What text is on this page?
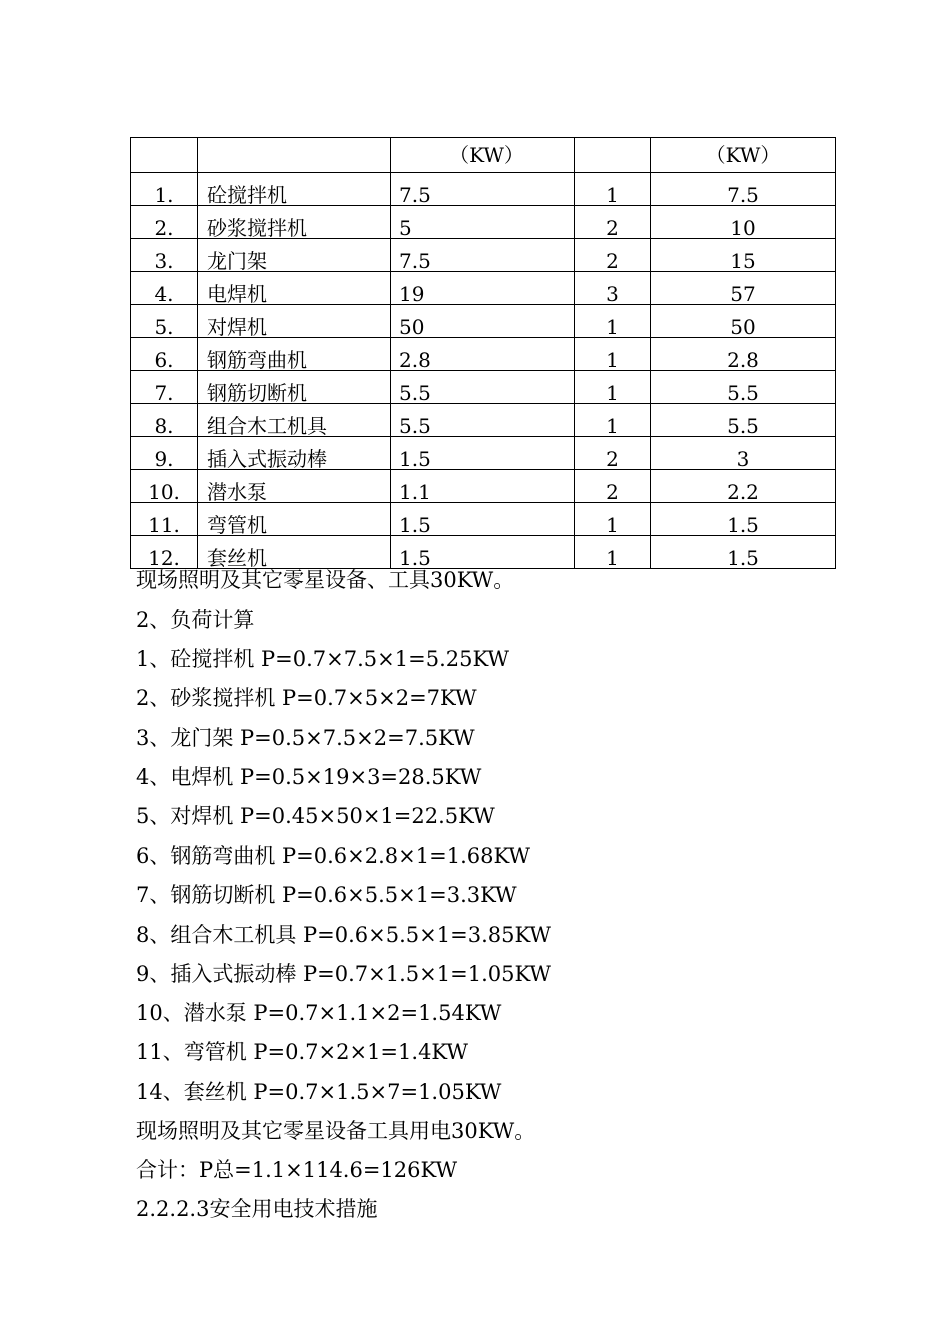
		（KW）		（KW）
1.	砼搅拌机	7.5	1	7.5
2.	砂浆搅拌机	5	2	10
3.	龙门架	7.5	2	15
4.	电焊机	19	3	57
5.	对焊机	50	1	50
6.	钢筋弯曲机	2.8	1	2.8
7.	钢筋切断机	5.5	1	5.5
8.	组合木工机具	5.5	1	5.5
9.	插入式振动棒	1.5	2	3
10.	潜水泵	1.1	2	2.2
11.	弯管机	1.5	1	1.5
12.	套丝机	1.5	1	1.5
现场照明及其它零星设备、工具30KW。
2、负荷计算
1、砼搅拌机 P=0.7×7.5×1=5.25KW
2、砂浆搅拌机 P=0.7×5×2=7KW
3、龙门架 P=0.5×7.5×2=7.5KW
4、电焊机 P=0.5×19×3=28.5KW
5、对焊机 P=0.45×50×1=22.5KW
6、钢筋弯曲机 P=0.6×2.8×1=1.68KW
7、钢筋切断机 P=0.6×5.5×1=3.3KW
8、组合木工机具 P=0.6×5.5×1=3.85KW
9、插入式振动棒 P=0.7×1.5×1=1.05KW
10、潜水泵 P=0.7×1.1×2=1.54KW
11、弯管机 P=0.7×2×1=1.4KW
14、套丝机 P=0.7×1.5×7=1.05KW
现场照明及其它零星设备工具用电30KW。
合计：P总=1.1×114.6=126KW
2.2.2.3安全用电技术措施
